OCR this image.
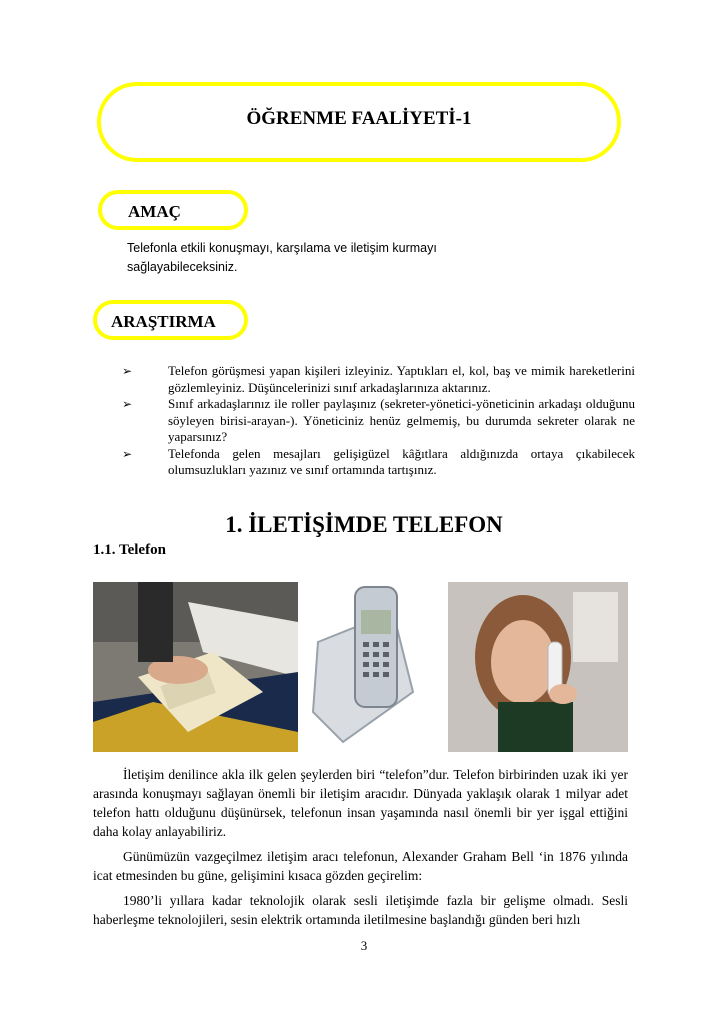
ÖĞRENME FAALİYETİ-1
AMAÇ
Telefonla etkili konuşmayı, karşılama ve iletişim kurmayı sağlayabileceksiniz.
ARAŞTIRMA
➢	Telefon görüşmesi yapan kişileri izleyiniz. Yaptıkları el, kol, baş ve mimik hareketlerini gözlemleyiniz. Düşüncelerinizi sınıf arkadaşlarınıza aktarınız.
➢	Sınıf arkadaşlarınız ile roller paylaşınız (sekreter-yönetici-yöneticinin arkadaşı olduğunu söyleyen birisi-arayan-). Yöneticiniz henüz gelmemiş, bu durumda sekreter olarak ne yaparsınız?
➢	Telefonda gelen mesajları gelişigüzel kâğıtlara aldığınızda ortaya çıkabilecek olumsuzlukları yazınız ve sınıf ortamında tartışınız.
1. İLETİŞİMDE TELEFON
1.1. Telefon

İletişim denilince akla ilk gelen şeylerden biri “telefon”dur. Telefon birbirinden uzak iki yer arasında konuşmayı sağlayan önemli bir iletişim aracıdır. Dünyada yaklaşık olarak 1 milyar adet telefon hattı olduğunu düşünürsek, telefonun insan yaşamında nasıl önemli bir yer işgal ettiğini daha kolay anlayabiliriz.

Günümüzün vazgeçilmez iletişim aracı telefonun, Alexander Graham Bell ‘in 1876 yılında icat etmesinden bu güne, gelişimini kısaca gözden geçirelim:

1980’li yıllara kadar teknolojik olarak sesli iletişimde fazla bir gelişme olmadı. Sesli haberleşme teknolojileri, sesin elektrik ortamında iletilmesine başlandığı günden beri hızlı

3
